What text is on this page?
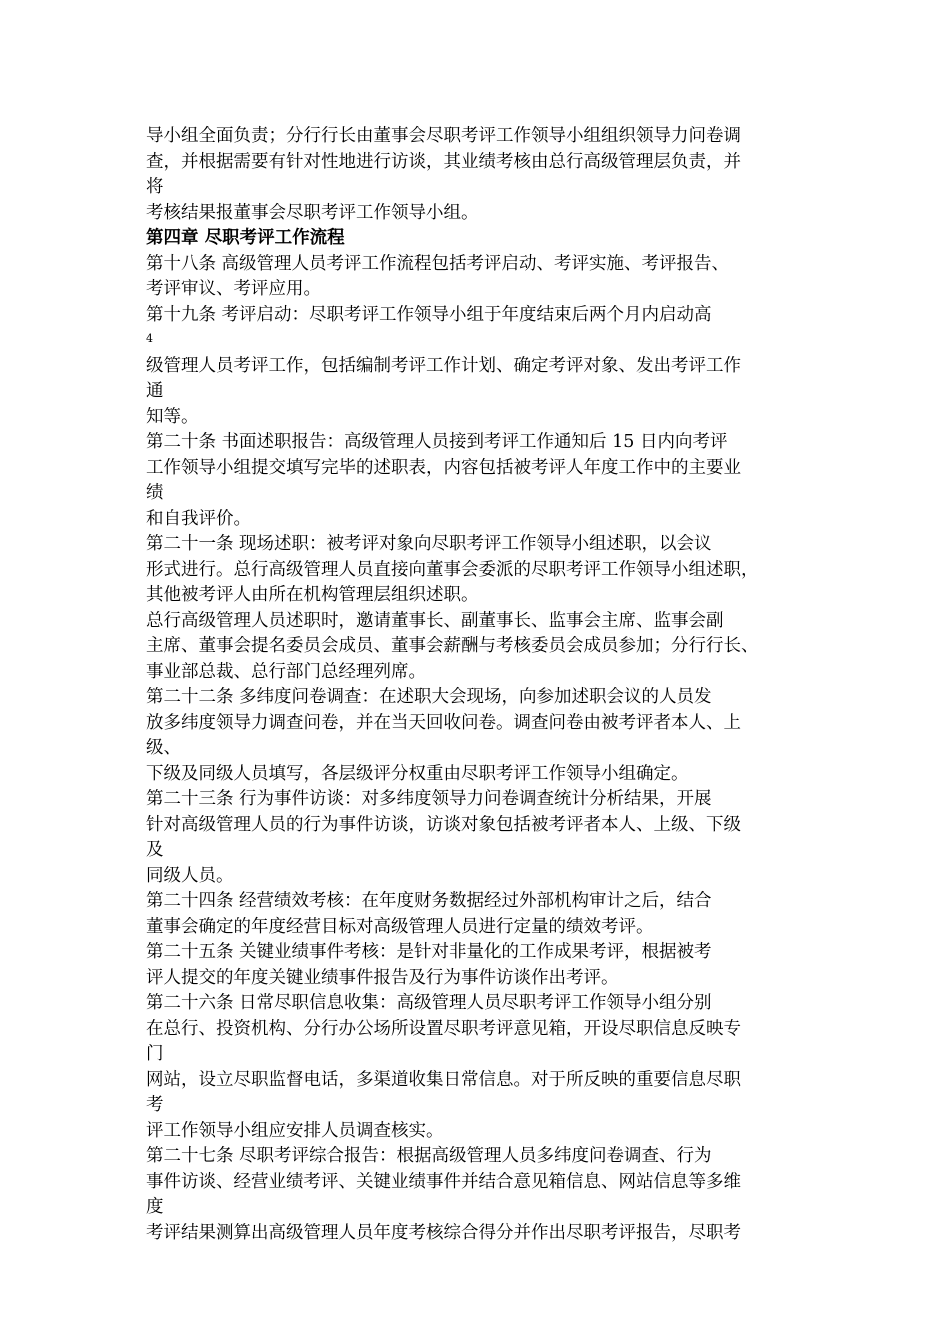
导小组全面负责；分行行长由董事会尽职考评工作领导小组组织领导力问卷调
查，并根据需要有针对性地进行访谈，其业绩考核由总行高级管理层负责，并
将
考核结果报董事会尽职考评工作领导小组。
第四章 尽职考评工作流程
第十八条 高级管理人员考评工作流程包括考评启动、考评实施、考评报告、
考评审议、考评应用。
第十九条 考评启动：尽职考评工作领导小组于年度结束后两个月内启动高
4
级管理人员考评工作，包括编制考评工作计划、确定考评对象、发出考评工作
通
知等。
第二十条 书面述职报告：高级管理人员接到考评工作通知后 15 日内向考评
工作领导小组提交填写完毕的述职表，内容包括被考评人年度工作中的主要业
绩
和自我评价。
第二十一条 现场述职：被考评对象向尽职考评工作领导小组述职，以会议
形式进行。总行高级管理人员直接向董事会委派的尽职考评工作领导小组述职，
其他被考评人由所在机构管理层组织述职。
总行高级管理人员述职时，邀请董事长、副董事长、监事会主席、监事会副
主席、董事会提名委员会成员、董事会薪酬与考核委员会成员参加；分行行长、
事业部总裁、总行部门总经理列席。
第二十二条 多纬度问卷调查：在述职大会现场，向参加述职会议的人员发
放多纬度领导力调查问卷，并在当天回收问卷。调查问卷由被考评者本人、上
级、
下级及同级人员填写，各层级评分权重由尽职考评工作领导小组确定。
第二十三条 行为事件访谈：对多纬度领导力问卷调查统计分析结果，开展
针对高级管理人员的行为事件访谈，访谈对象包括被考评者本人、上级、下级
及
同级人员。
第二十四条 经营绩效考核：在年度财务数据经过外部机构审计之后，结合
董事会确定的年度经营目标对高级管理人员进行定量的绩效考评。
第二十五条 关键业绩事件考核：是针对非量化的工作成果考评，根据被考
评人提交的年度关键业绩事件报告及行为事件访谈作出考评。
第二十六条 日常尽职信息收集：高级管理人员尽职考评工作领导小组分别
在总行、投资机构、分行办公场所设置尽职考评意见箱，开设尽职信息反映专
门
网站，设立尽职监督电话，多渠道收集日常信息。对于所反映的重要信息尽职
考
评工作领导小组应安排人员调查核实。
第二十七条 尽职考评综合报告：根据高级管理人员多纬度问卷调查、行为
事件访谈、经营业绩考评、关键业绩事件并结合意见箱信息、网站信息等多维
度
考评结果测算出高级管理人员年度考核综合得分并作出尽职考评报告，尽职考
